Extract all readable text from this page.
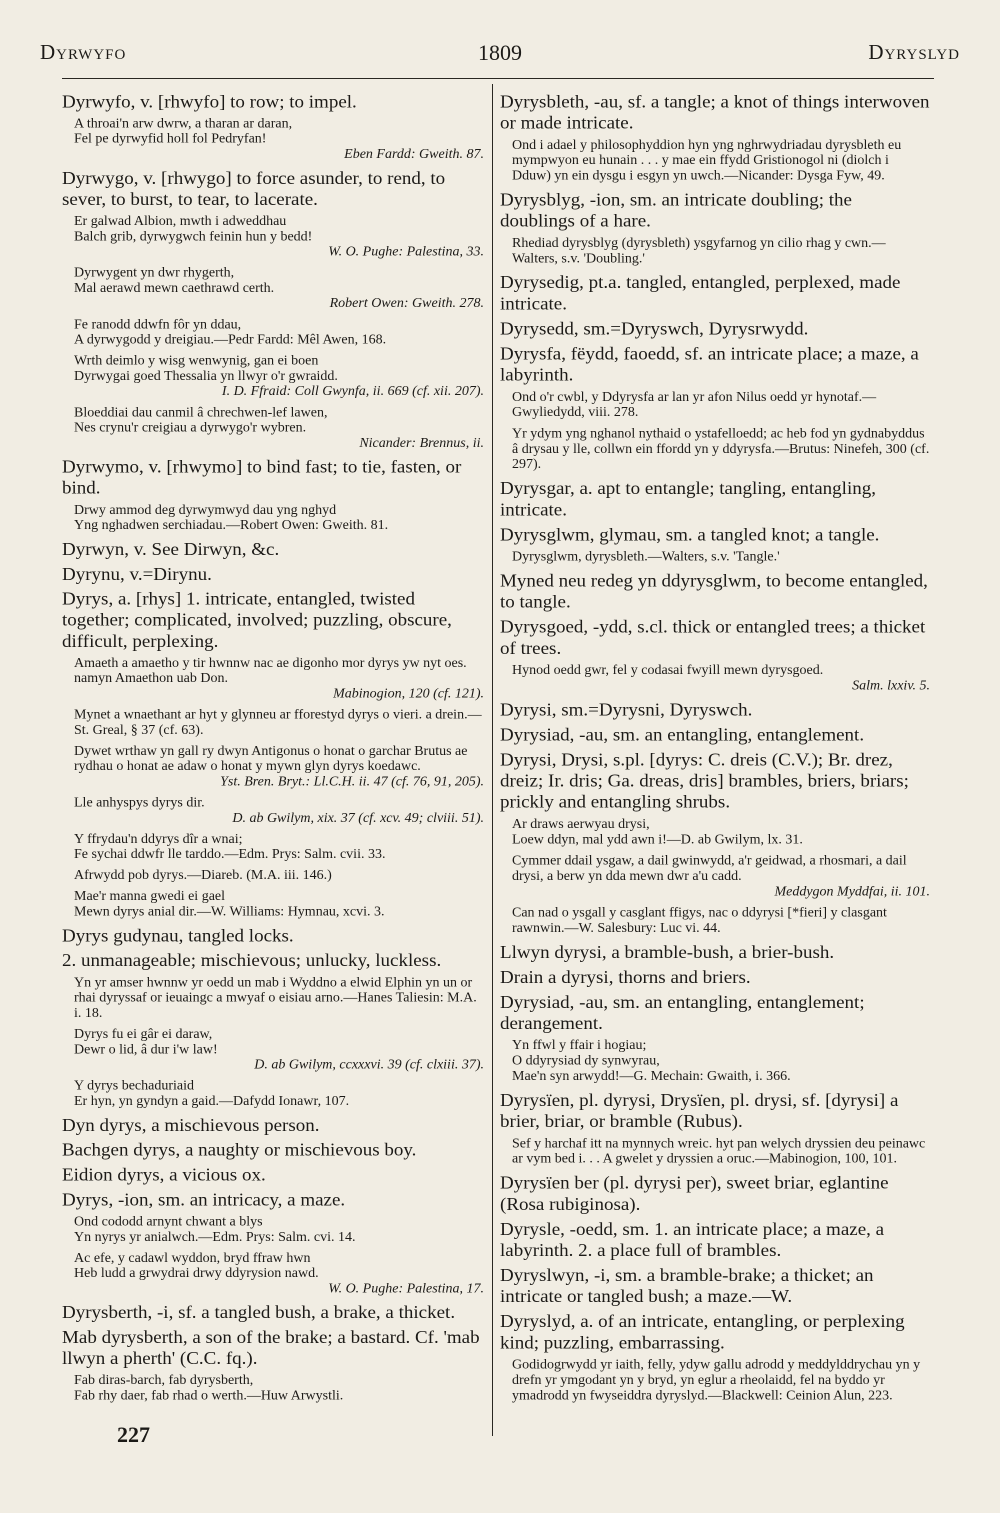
Dyrwyfo	1809	Dyryslyd

Dyrwyfo, v. [rhwyfo] to row; to impel.

A throai'n arw dwrw, a tharan ar daran,
Fel pe dyrwyfid holl fol Pedryfan!
Eben Fardd: Gweith. 87.

Dyrwygo, v. [rhwygo] to force asunder, to rend, to sever, to burst, to tear, to lacerate.

Er galwad Albion, mwth i adweddhau
Balch grib, dyrwygwch feinin hun y bedd!
W. O. Pughe: Palestina, 33.
Dyrwygent yn dwr rhygerth,
Mal aerawd mewn caethrawd certh.
Robert Owen: Gweith. 278.
Fe ranodd ddwfn fôr yn ddau,
A dyrwygodd y dreigiau.—Pedr Fardd: Mêl Awen, 168.
Wrth deimlo y wisg wenwynig, gan ei boen
Dyrwygai goed Thessalia yn llwyr o'r gwraidd.
I. D. Ffraid: Coll Gwynfa, ii. 669 (cf. xii. 207).
Bloeddiai dau canmil â chrechwen-lef lawen,
Nes crynu'r creigiau a dyrwygo'r wybren.
Nicander: Brennus, ii.

Dyrwymo, v. [rhwymo] to bind fast; to tie, fasten, or bind.

Drwy ammod deg dyrwymwyd dau yng nghyd
Yng nghadwen serchiadau.—Robert Owen: Gweith. 81.

Dyrwyn, v. See Dirwyn, &c.

Dyrynu, v.=Dirynu.

Dyrys, a. [rhys] 1. intricate, entangled, twisted together; complicated, involved; puzzling, obscure, difficult, perplexing.

Amaeth a amaetho y tir hwnnw nac ae digonho mor dyrys yw nyt oes. namyn Amaethon uab Don.
Mabinogion, 120 (cf. 121).
Mynet a wnaethant ar hyt y glynneu ar fforestyd dyrys o vieri. a drein.—St. Greal, § 37 (cf. 63).
Dywet wrthaw yn gall ry dwyn Antigonus o honat o garchar Brutus ae rydhau o honat ae adaw o honat y mywn glyn dyrys koedawc.
Yst. Bren. Bryt.: Ll.C.H. ii. 47 (cf. 76, 91, 205).
Lle anhyspys dyrys dir.
D. ab Gwilym, xix. 37 (cf. xcv. 49; clviii. 51).
Y ffrydau'n ddyrys dîr a wnai;
Fe sychai ddwfr lle tarddo.—Edm. Prys: Salm. cvii. 33.
Afrwydd pob dyrys.—Diareb. (M.A. iii. 146.)
Mae'r manna gwedi ei gael
Mewn dyrys anial dir.—W. Williams: Hymnau, xcvi. 3.

Dyrys gudynau, tangled locks.

2. unmanageable; mischievous; unlucky, luckless.

Yn yr amser hwnnw yr oedd un mab i Wyddno a elwid Elphin yn un or rhai dyryssaf or ieuaingc a mwyaf o eisiau arno.—Hanes Taliesin: M.A. i. 18.
Dyrys fu ei gâr ei daraw,
Dewr o lid, â dur i'w law!
D. ab Gwilym, ccxxxvi. 39 (cf. clxiii. 37).
Y dyrys bechaduriaid
Er hyn, yn gyndyn a gaid.—Dafydd Ionawr, 107.

Dyn dyrys, a mischievous person.

Bachgen dyrys, a naughty or mischievous boy.

Eidion dyrys, a vicious ox.

Dyrys, -ion, sm. an intricacy, a maze.

Ond cododd arnynt chwant a blys
Yn nyrys yr anialwch.—Edm. Prys: Salm. cvi. 14.
Ac efe, y cadawl wyddon, bryd ffraw hwn
Heb ludd a grwydrai drwy ddyrysion nawd.
W. O. Pughe: Palestina, 17.

Dyrysberth, -i, sf. a tangled bush, a brake, a thicket.

Mab dyrysberth, a son of the brake; a bastard. Cf. 'mab llwyn a pherth' (C.C. fq.).

Fab diras-barch, fab dyrysberth,
Fab rhy daer, fab rhad o werth.—Huw Arwystli.

Dyrysbleth, -au, sf. a tangle; a knot of things interwoven or made intricate.

Ond i adael y philosophyddion hyn yng nghrwydriadau dyrysbleth eu mympwyon eu hunain . . . y mae ein ffydd Gristionogol ni (diolch i Dduw) yn ein dysgu i esgyn yn uwch.—Nicander: Dysga Fyw, 49.

Dyrysblyg, -ion, sm. an intricate doubling; the doublings of a hare.

Rhediad dyrysblyg (dyrysbleth) ysgyfarnog yn cilio rhag y cwn.—Walters, s.v. 'Doubling.'

Dyrysedig, pt.a. tangled, entangled, perplexed, made intricate.

Dyrysedd, sm.=Dyryswch, Dyrysrwydd.

Dyrysfa, fëydd, faoedd, sf. an intricate place; a maze, a labyrinth.

Ond o'r cwbl, y Ddyrysfa ar lan yr afon Nilus oedd yr hynotaf.—Gwyliedydd, viii. 278.
Yr ydym yng nghanol nythaid o ystafelloedd; ac heb fod yn gydnabyddus â drysau y lle, collwn ein ffordd yn y ddyrysfa.—Brutus: Ninefeh, 300 (cf. 297).

Dyrysgar, a. apt to entangle; tangling, entangling, intricate.

Dyrysglwm, glymau, sm. a tangled knot; a tangle.

Dyrysglwm, dyrysbleth.—Walters, s.v. 'Tangle.'

Myned neu redeg yn ddyrysglwm, to become entangled, to tangle.

Dyrysgoed, -ydd, s.cl. thick or entangled trees; a thicket of trees.

Hynod oedd gwr, fel y codasai fwyill mewn dyrysgoed.
Salm. lxxiv. 5.

Dyrysi, sm.=Dyrysni, Dyryswch.

Dyrysiad, -au, sm. an entangling, entanglement.

Dyrysi, Drysi, s.pl. [dyrys: C. dreis (C.V.); Br. drez, dreiz; Ir. dris; Ga. dreas, dris] brambles, briers, briars; prickly and entangling shrubs.

Ar draws aerwyau drysi,
Loew ddyn, mal ydd awn i!—D. ab Gwilym, lx. 31.
Cymmer ddail ysgaw, a dail gwinwydd, a'r geidwad, a rhosmari, a dail drysi, a berw yn dda mewn dwr a'u cadd.
Meddygon Myddfai, ii. 101.
Can nad o ysgall y casglant ffigys, nac o ddyrysi [*fieri] y clasgant rawnwin.—W. Salesbury: Luc vi. 44.

Llwyn dyrysi, a bramble-bush, a brier-bush.

Drain a dyrysi, thorns and briers.

Dyrysiad, -au, sm. an entangling, entanglement; derangement.

Yn ffwl y ffair i hogiau;
O ddyrysiad dy synwyrau,
Mae'n syn arwydd!—G. Mechain: Gwaith, i. 366.

Dyrysïen, pl. dyrysi, Drysïen, pl. drysi, sf. [dyrysi] a brier, briar, or bramble (Rubus).

Sef y harchaf itt na mynnych wreic. hyt pan welych dryssien deu peinawc ar vym bed i. . . A gwelet y dryssien a oruc.—Mabinogion, 100, 101.

Dyrysïen ber (pl. dyrysi per), sweet briar, eglantine (Rosa rubiginosa).

Dyrysle, -oedd, sm. 1. an intricate place; a maze, a labyrinth. 2. a place full of brambles.

Dyryslwyn, -i, sm. a bramble-brake; a thicket; an intricate or tangled bush; a maze.—W.

Dyryslyd, a. of an intricate, entangling, or perplexing kind; puzzling, embarrassing.

Godidogrwydd yr iaith, felly, ydyw gallu adrodd y meddylddrychau yn y drefn yr ymgodant yn y bryd, yn eglur a rheolaidd, fel na byddo yr ymadrodd yn fwyseiddra dyryslyd.—Blackwell: Ceinion Alun, 223.
227
